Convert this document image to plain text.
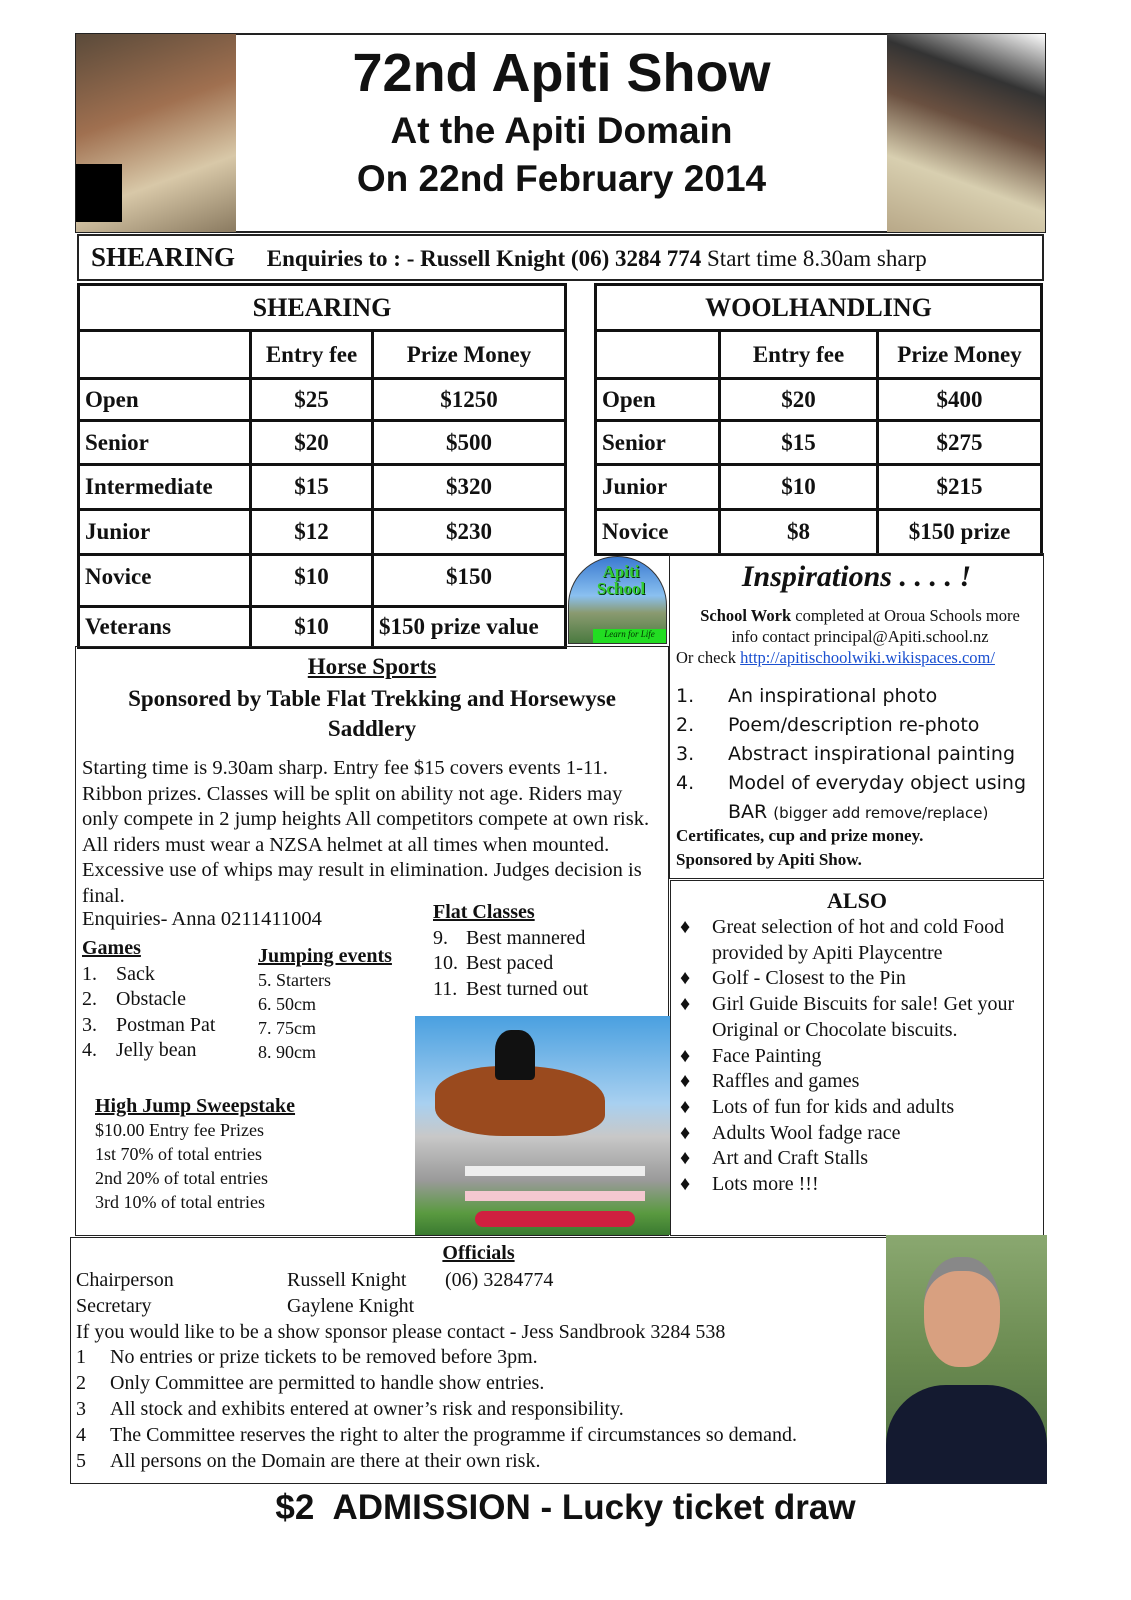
72nd Apiti Show
At the Apiti Domain
On 22nd February 2014
SHEARING Enquiries to : - Russell Knight (06) 3284 774 Start time 8.30am sharp
SHEARING		
	Entry fee	Prize Money
Open	$25	$1250
Senior	$20	$500
Intermediate	$15	$320
Junior	$12	$230
Novice	$10	$150
Veterans	$10	$150 prize value
WOOLHANDLING		
	Entry fee	Prize Money
Open	$20	$400
Senior	$15	$275
Junior	$10	$215
Novice	$8	$150 prize
Apiti School
Learn for Life
Inspirations . . . . !
School Work completed at Oroua Schools more
info contact principal@Apiti.school.nz
Or check http://apitischoolwiki.wikispaces.com/
1. An inspirational photo
2. Poem/description re-photo
3. Abstract inspirational painting
4. Model of everyday object using
BAR (bigger add remove/replace)
Certificates, cup and prize money.
Sponsored by Apiti Show.
Horse Sports
Sponsored by Table Flat Trekking and Horsewyse Saddlery
Starting time is 9.30am sharp. Entry fee $15 covers events 1-11. Ribbon prizes. Classes will be split on ability not age. Riders may only compete in 2 jump heights All competitors compete at own risk. All riders must wear a NZSA helmet at all times when mounted. Excessive use of whips may result in elimination. Judges decision is final.
Enquiries- Anna 0211411004
Games
1. Sack
2. Obstacle
3. Postman Pat
4. Jelly bean
Jumping events
5. Starters
6. 50cm
7. 75cm
8. 90cm
Flat Classes
9. Best mannered
10. Best paced
11. Best turned out
High Jump Sweepstake
$10.00 Entry fee Prizes
1st 70% of total entries
2nd 20% of total entries
3rd 10% of total entries
ALSO
♦	Great selection of hot and cold Food provided by Apiti Playcentre
♦	Golf - Closest to the Pin
♦	Girl Guide Biscuits for sale! Get your Original or Chocolate biscuits.
♦	Face Painting
♦	Raffles and games
♦	Lots of fun for kids and adults
♦	Adults Wool fadge race
♦	Art and Craft Stalls
♦	Lots more !!!
Officials
Chairperson	Russell Knight (06) 3284774
Secretary	Gaylene Knight
If you would like to be a show sponsor please contact - Jess Sandbrook 3284 538
1 No entries or prize tickets to be removed before 3pm.
2 Only Committee are permitted to handle show entries.
3 All stock and exhibits entered at owner’s risk and responsibility.
4 The Committee reserves the right to alter the programme if circumstances so demand.
5 All persons on the Domain are there at their own risk.
$2  ADMISSION - Lucky ticket draw
